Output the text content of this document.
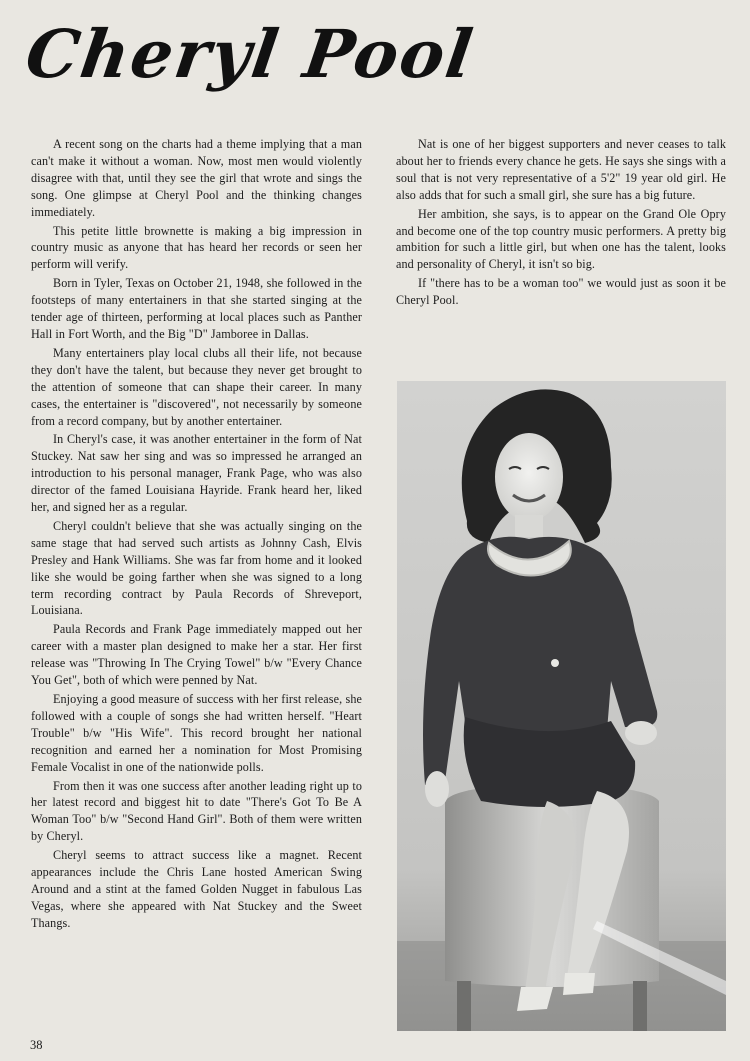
Cheryl Pool

A recent song on the charts had a theme implying that a man can't make it without a woman. Now, most men would violently disagree with that, until they see the girl that wrote and sings the song. One glimpse at Cheryl Pool and the thinking changes immediately.

This petite little brownette is making a big impression in country music as anyone that has heard her records or seen her perform will verify.

Born in Tyler, Texas on October 21, 1948, she followed in the footsteps of many entertainers in that she started singing at the tender age of thirteen, performing at local places such as Panther Hall in Fort Worth, and the Big "D" Jamboree in Dallas.

Many entertainers play local clubs all their life, not because they don't have the talent, but because they never get brought to the attention of someone that can shape their career. In many cases, the entertainer is "discovered", not necessarily by someone from a record company, but by another entertainer.

In Cheryl's case, it was another entertainer in the form of Nat Stuckey. Nat saw her sing and was so impressed he arranged an introduction to his personal manager, Frank Page, who was also director of the famed Louisiana Hayride. Frank heard her, liked her, and signed her as a regular.

Cheryl couldn't believe that she was actually singing on the same stage that had served such artists as Johnny Cash, Elvis Presley and Hank Williams. She was far from home and it looked like she would be going farther when she was signed to a long term recording contract by Paula Records of Shreveport, Louisiana.

Paula Records and Frank Page immediately mapped out her career with a master plan designed to make her a star. Her first release was "Throwing In The Crying Towel" b/w "Every Chance You Get", both of which were penned by Nat.

Enjoying a good measure of success with her first release, she followed with a couple of songs she had written herself. "Heart Trouble" b/w "His Wife". This record brought her national recognition and earned her a nomination for Most Promising Female Vocalist in one of the nationwide polls.

From then it was one success after another leading right up to her latest record and biggest hit to date "There's Got To Be A Woman Too" b/w "Second Hand Girl". Both of them were written by Cheryl.

Cheryl seems to attract success like a magnet. Recent appearances include the Chris Lane hosted American Swing Around and a stint at the famed Golden Nugget in fabulous Las Vegas, where she appeared with Nat Stuckey and the Sweet Thangs.

Nat is one of her biggest supporters and never ceases to talk about her to friends every chance he gets. He says she sings with a soul that is not very representative of a 5'2" 19 year old girl. He also adds that for such a small girl, she sure has a big future.

Her ambition, she says, is to appear on the Grand Ole Opry and become one of the top country music performers. A pretty big ambition for such a little girl, but when one has the talent, looks and personality of Cheryl, it isn't so big.

If "there has to be a woman too" we would just as soon it be Cheryl Pool.

38
